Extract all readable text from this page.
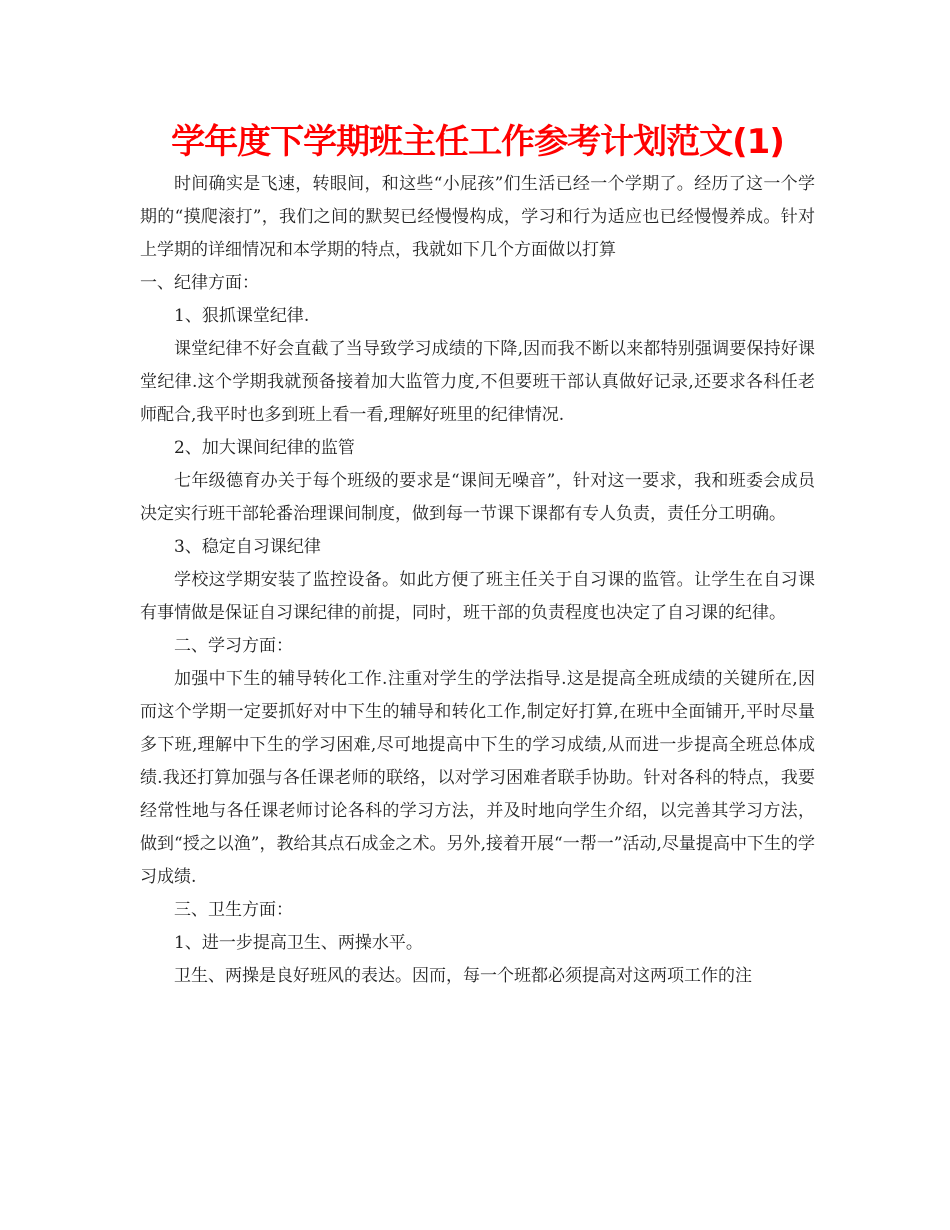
学年度下学期班主任工作参考计划范文(1)

时间确实是飞速，转眼间，和这些“小屁孩”们生活已经一个学期了。经历了这一个学期的“摸爬滚打”，我们之间的默契已经慢慢构成，学习和行为适应也已经慢慢养成。针对上学期的详细情况和本学期的特点，我就如下几个方面做以打算

一、纪律方面：

1、狠抓课堂纪律.

课堂纪律不好会直截了当导致学习成绩的下降,因而我不断以来都特别强调要保持好课堂纪律.这个学期我就预备接着加大监管力度,不但要班干部认真做好记录,还要求各科任老师配合,我平时也多到班上看一看,理解好班里的纪律情况.

2、加大课间纪律的监管

七年级德育办关于每个班级的要求是“课间无噪音”，针对这一要求，我和班委会成员决定实行班干部轮番治理课间制度，做到每一节课下课都有专人负责，责任分工明确。

3、稳定自习课纪律

学校这学期安装了监控设备。如此方便了班主任关于自习课的监管。让学生在自习课有事情做是保证自习课纪律的前提，同时，班干部的负责程度也决定了自习课的纪律。

二、学习方面：

加强中下生的辅导转化工作.注重对学生的学法指导.这是提高全班成绩的关键所在,因而这个学期一定要抓好对中下生的辅导和转化工作,制定好打算,在班中全面铺开,平时尽量多下班,理解中下生的学习困难,尽可地提高中下生的学习成绩,从而进一步提高全班总体成绩.我还打算加强与各任课老师的联络，以对学习困难者联手协助。针对各科的特点，我要经常性地与各任课老师讨论各科的学习方法，并及时地向学生介绍，以完善其学习方法，做到“授之以渔”，教给其点石成金之术。另外,接着开展“一帮一”活动,尽量提高中下生的学习成绩.

三、卫生方面：

1、进一步提高卫生、两操水平。

卫生、两操是良好班风的表达。因而，每一个班都必须提高对这两项工作的注
